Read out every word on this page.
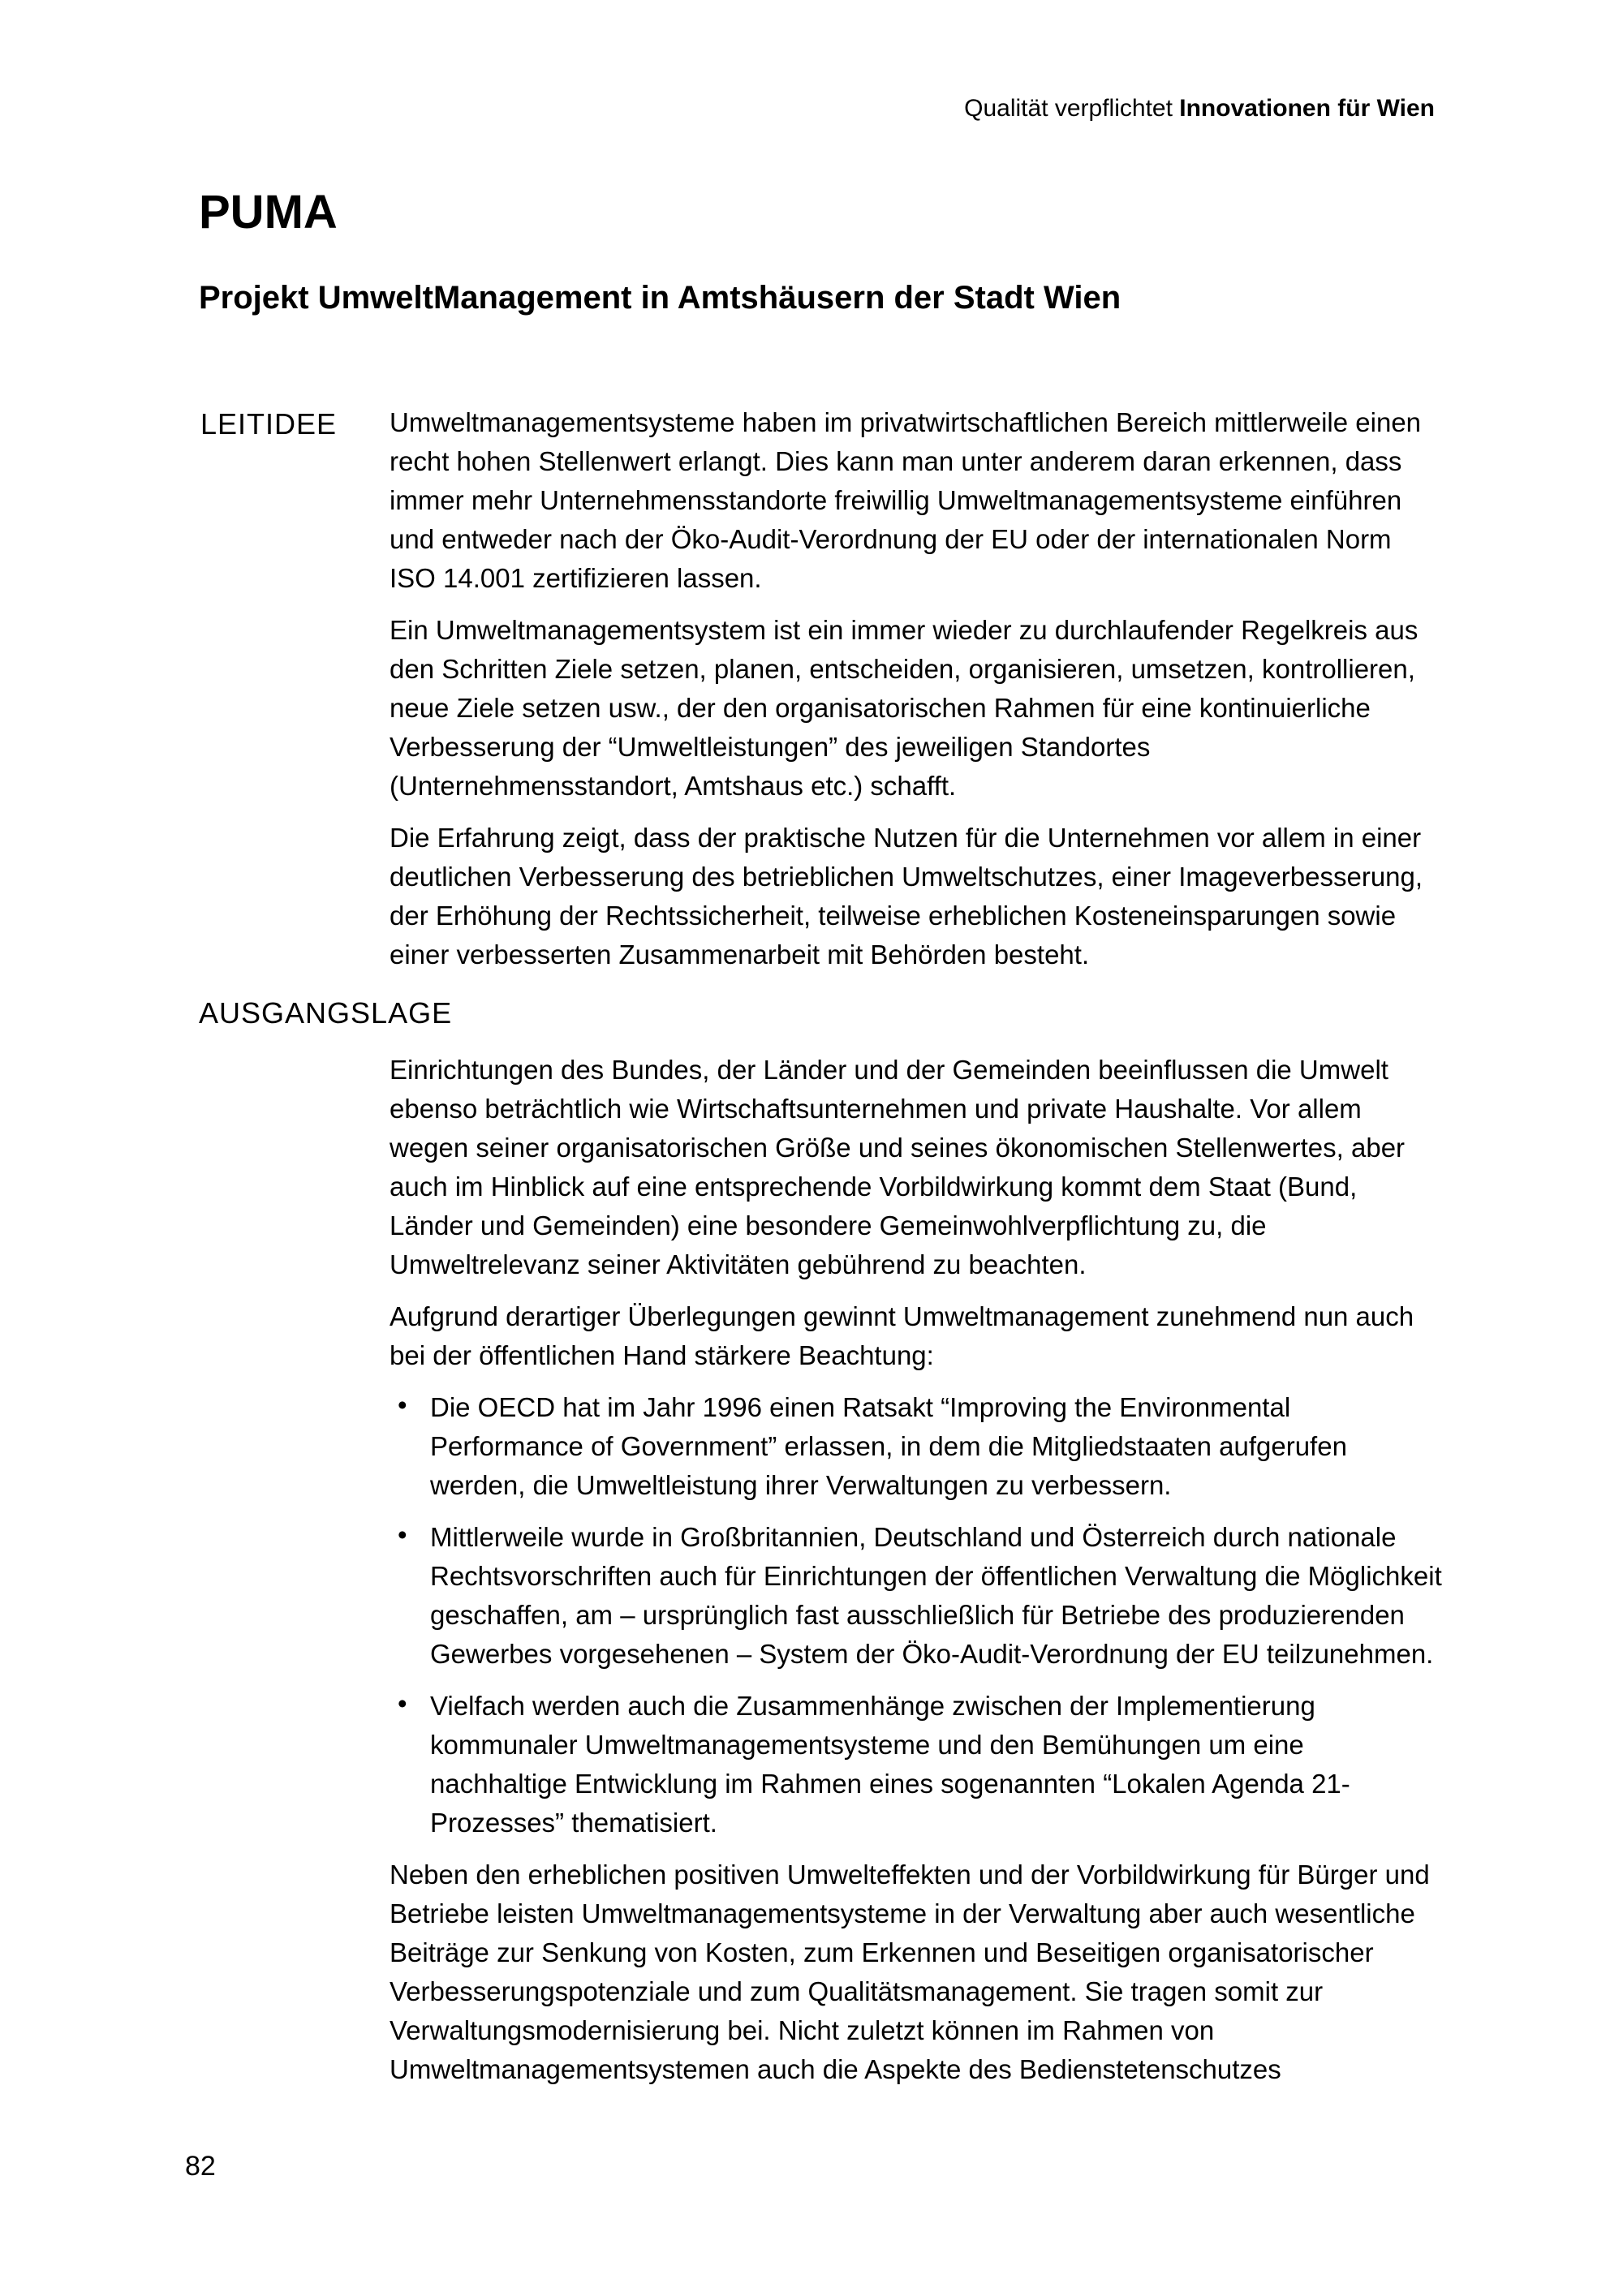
Qualität verpflichtet Innovationen für Wien
PUMA
Projekt UmweltManagement in Amtshäusern der Stadt Wien
LEITIDEE Umweltmanagementsysteme haben im privatwirtschaftlichen Bereich mittlerweile einen recht hohen Stellenwert erlangt. Dies kann man unter anderem daran erkennen, dass immer mehr Unternehmensstandorte freiwillig Umweltmanagementsysteme einführen und entweder nach der Öko-Audit-Verordnung der EU oder der internationalen Norm ISO 14.001 zertifizieren lassen.

Ein Umweltmanagementsystem ist ein immer wieder zu durchlaufender Regelkreis aus den Schritten Ziele setzen, planen, entscheiden, organisieren, umsetzen, kontrollieren, neue Ziele setzen usw., der den organisatorischen Rahmen für eine kontinuierliche Verbesserung der “Umweltleistungen” des jeweiligen Standortes (Unternehmensstandort, Amtshaus etc.) schafft.

Die Erfahrung zeigt, dass der praktische Nutzen für die Unternehmen vor allem in einer deutlichen Verbesserung des betrieblichen Umweltschutzes, einer Imageverbesserung, der Erhöhung der Rechtssicherheit, teilweise erheblichen Kosteneinsparungen sowie einer verbesserten Zusammenarbeit mit Behörden besteht.

AUSGANGSLAGE

Einrichtungen des Bundes, der Länder und der Gemeinden beeinflussen die Umwelt ebenso beträchtlich wie Wirtschaftsunternehmen und private Haushalte. Vor allem wegen seiner organisatorischen Größe und seines ökonomischen Stellenwertes, aber auch im Hinblick auf eine entsprechende Vorbildwirkung kommt dem Staat (Bund, Länder und Gemeinden) eine besondere Gemeinwohlverpflichtung zu, die Umweltrelevanz seiner Aktivitäten gebührend zu beachten.

Aufgrund derartiger Überlegungen gewinnt Umweltmanagement zunehmend nun auch bei der öffentlichen Hand stärkere Beachtung:

• Die OECD hat im Jahr 1996 einen Ratsakt “Improving the Environmental Performance of Government” erlassen, in dem die Mitgliedstaaten aufgerufen werden, die Umweltleistung ihrer Verwaltungen zu verbessern.
• Mittlerweile wurde in Großbritannien, Deutschland und Österreich durch nationale Rechtsvorschriften auch für Einrichtungen der öffentlichen Verwaltung die Möglichkeit geschaffen, am – ursprünglich fast ausschließlich für Betriebe des produzierenden Gewerbes vorgesehenen – System der Öko-Audit-Verordnung der EU teilzunehmen.
• Vielfach werden auch die Zusammenhänge zwischen der Implementierung kommunaler Umweltmanagementsysteme und den Bemühungen um eine nachhaltige Entwicklung im Rahmen eines sogenannten “Lokalen Agenda 21-Prozesses” thematisiert.

Neben den erheblichen positiven Umwelteffekten und der Vorbildwirkung für Bürger und Betriebe leisten Umweltmanagementsysteme in der Verwaltung aber auch wesentliche Beiträge zur Senkung von Kosten, zum Erkennen und Beseitigen organisatorischer Verbesserungspotenziale und zum Qualitätsmanagement. Sie tragen somit zur Verwaltungsmodernisierung bei. Nicht zuletzt können im Rahmen von Umweltmanagementsystemen auch die Aspekte des Bedienstetenschutzes

82
